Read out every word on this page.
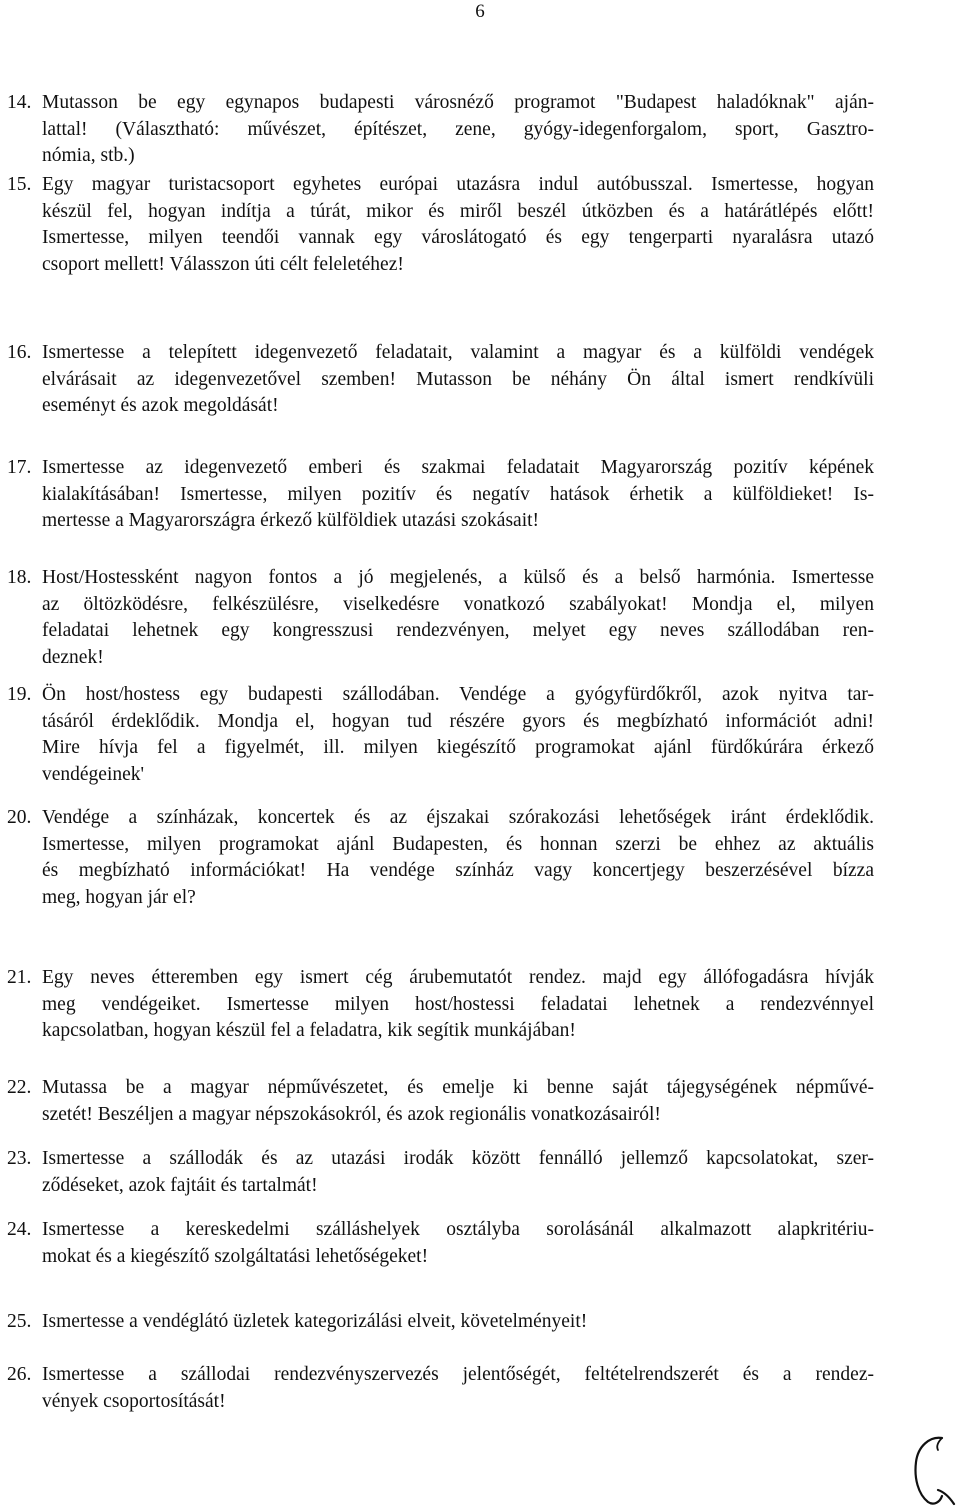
6
14. Mutasson be egy egynapos budapesti városnéző programot "Budapest haladóknak" aján-
lattal! (Választható: művészet, építészet, zene, gyógy-idegenforgalom, sport, Gasztro-
nómia, stb.)
15. Egy magyar turistacsoport egyhetes európai utazásra indul autóbusszal. Ismertesse, hogyan
készül fel, hogyan indítja a túrát, mikor és miről beszél útközben és a határátlépés előtt!
Ismertesse, milyen teendői vannak egy városlátogató és egy tengerparti nyaralásra utazó
csoport mellett! Válasszon úti célt feleletéhez!
16. Ismertesse a telepített idegenvezető feladatait, valamint a magyar és a külföldi vendégek
elvárásait az idegenvezetővel szemben! Mutasson be néhány Ön által ismert rendkívüli
eseményt és azok megoldását!
17. Ismertesse az idegenvezető emberi és szakmai feladatait Magyarország pozitív képének
kialakításában! Ismertesse, milyen pozitív és negatív hatások érhetik a külföldieket! Is-
mertesse a Magyarországra érkező külföldiek utazási szokásait!
18. Host/Hostessként nagyon fontos a jó megjelenés, a külső és a belső harmónia. Ismertesse
az öltözködésre, felkészülésre, viselkedésre vonatkozó szabályokat! Mondja el, milyen
feladatai lehetnek egy kongresszusi rendezvényen, melyet egy neves szállodában ren-
deznek!
19. Ön host/hostess egy budapesti szállodában. Vendége a gyógyfürdőkről, azok nyitva tar-
tásáról érdeklődik. Mondja el, hogyan tud részére gyors és megbízható információt adni!
Mire hívja fel a figyelmét, ill. milyen kiegészítő programokat ajánl fürdőkúrára érkező
vendégeinek'
20. Vendége a színházak, koncertek és az éjszakai szórakozási lehetőségek iránt érdeklődik.
Ismertesse, milyen programokat ajánl Budapesten, és honnan szerzi be ehhez az aktuális
és megbízható információkat! Ha vendége színház vagy koncertjegy beszerzésével bízza
meg, hogyan jár el?
21. Egy neves étteremben egy ismert cég árubemutatót rendez. majd egy állófogadásra hívják
meg vendégeiket. Ismertesse milyen host/hostessi feladatai lehetnek a rendezvénnyel
kapcsolatban, hogyan készül fel a feladatra, kik segítik munkájában!
22. Mutassa be a magyar népművészetet, és emelje ki benne saját tájegységének népművé-
szetét! Beszéljen a magyar népszokásokról, és azok regionális vonatkozásairól!
23. Ismertesse a szállodák és az utazási irodák között fennálló jellemző kapcsolatokat, szer-
ződéseket, azok fajtáit és tartalmát!
24. Ismertesse a kereskedelmi szálláshelyek osztályba sorolásánál alkalmazott alapkritériu-
mokat és a kiegészítő szolgáltatási lehetőségeket!
25. Ismertesse a vendéglátó üzletek kategorizálási elveit, követelményeit!
26. Ismertesse a szállodai rendezvényszervezés jelentőségét, feltételrendszerét és a rendez-
vények csoportosítását!
